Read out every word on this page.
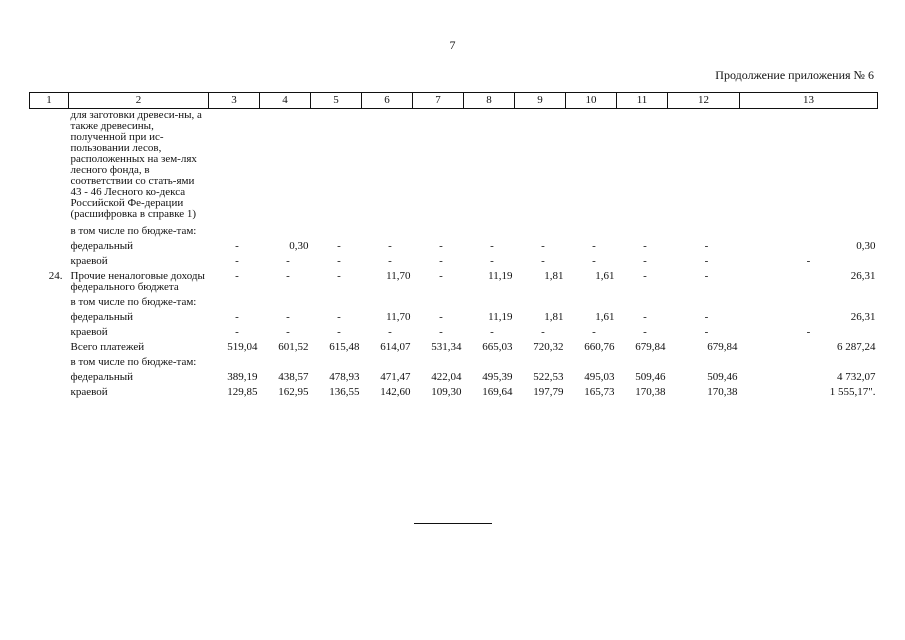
7
Продолжение приложения № 6
1	2	3	4	5	6	7	8	9	10	11	12	13
	для заготовки древеси-ны, а также древесины, полученной при ис-пользовании лесов, расположенных на зем-лях лесного фонда, в соответствии со стать-ями 43 - 46 Лесного ко-декса Российской Фе-дерации (расшифровка в справке 1)											
	в том числе по бюдже-там:											
	федеральный	-	0,30	-	-	-	-	-	-	-	-	0,30
	краевой	-	-	-	-	-	-	-	-	-	-	-
24.	Прочие неналоговые доходы федерального бюджета	-	-	-	11,70	-	11,19	1,81	1,61	-	-	26,31
	в том числе по бюдже-там:											
	федеральный	-	-	-	11,70	-	11,19	1,81	1,61	-	-	26,31
	краевой	-	-	-	-	-	-	-	-	-	-	-
	Всего платежей	519,04	601,52	615,48	614,07	531,34	665,03	720,32	660,76	679,84	679,84	6 287,24
	в том числе по бюдже-там:											
	федеральный	389,19	438,57	478,93	471,47	422,04	495,39	522,53	495,03	509,46	509,46	4 732,07
	краевой	129,85	162,95	136,55	142,60	109,30	169,64	197,79	165,73	170,38	170,38	1 555,17".
